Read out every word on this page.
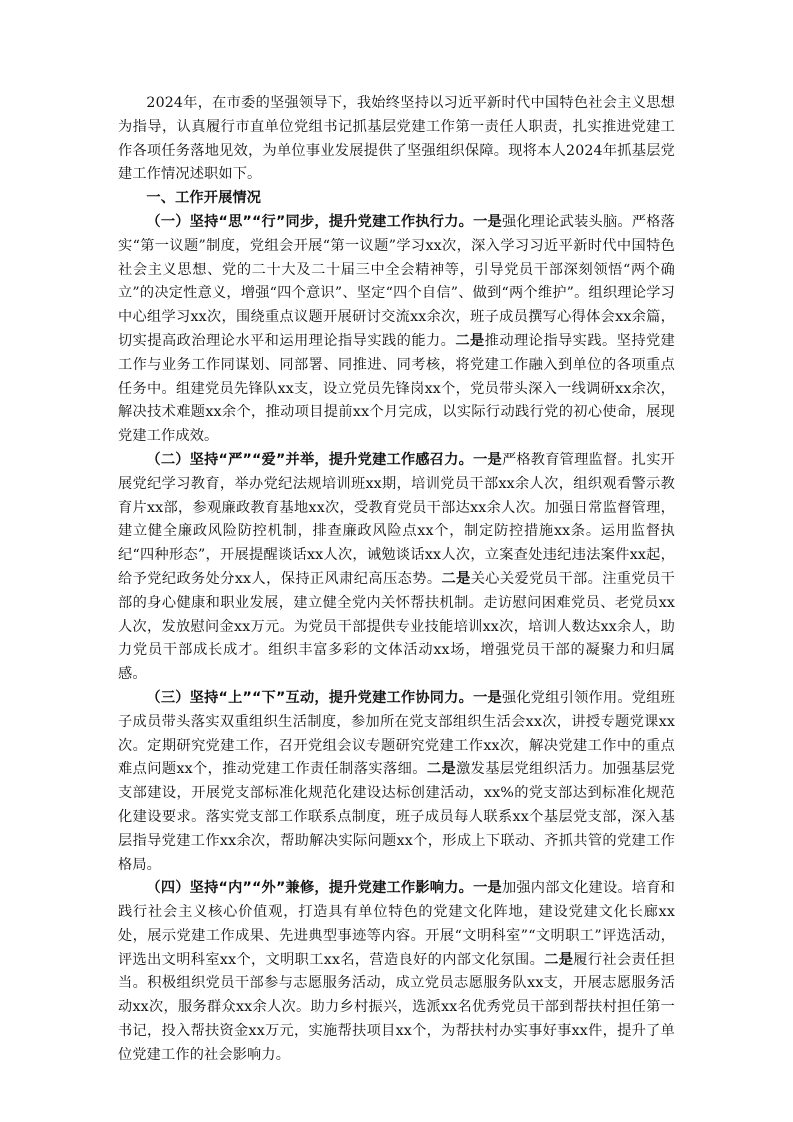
2024年，在市委的坚强领导下，我始终坚持以习近平新时代中国特色社会主义思想为指导，认真履行市直单位党组书记抓基层党建工作第一责任人职责，扎实推进党建工作各项任务落地见效，为单位事业发展提供了坚强组织保障。现将本人2024年抓基层党建工作情况述职如下。

一、工作开展情况

（一）坚持“思”“行”同步，提升党建工作执行力。一是强化理论武装头脑。严格落实“第一议题”制度，党组会开展“第一议题”学习xx次，深入学习习近平新时代中国特色社会主义思想、党的二十大及二十届三中全会精神等，引导党员干部深刻领悟“两个确立”的决定性意义，增强“四个意识”、坚定“四个自信”、做到“两个维护”。组织理论学习中心组学习xx次，围绕重点议题开展研讨交流xx余次，班子成员撰写心得体会xx余篇，切实提高政治理论水平和运用理论指导实践的能力。二是推动理论指导实践。坚持党建工作与业务工作同谋划、同部署、同推进、同考核，将党建工作融入到单位的各项重点任务中。组建党员先锋队xx支，设立党员先锋岗xx个，党员带头深入一线调研xx余次，解决技术难题xx余个，推动项目提前xx个月完成，以实际行动践行党的初心使命，展现党建工作成效。

（二）坚持“严”“爱”并举，提升党建工作感召力。一是严格教育管理监督。扎实开展党纪学习教育，举办党纪法规培训班xx期，培训党员干部xx余人次，组织观看警示教育片xx部，参观廉政教育基地xx次，受教育党员干部达xx余人次。加强日常监督管理，建立健全廉政风险防控机制，排查廉政风险点xx个，制定防控措施xx条。运用监督执纪“四种形态”，开展提醒谈话xx人次，诫勉谈话xx人次，立案查处违纪违法案件xx起，给予党纪政务处分xx人，保持正风肃纪高压态势。二是关心关爱党员干部。注重党员干部的身心健康和职业发展，建立健全党内关怀帮扶机制。走访慰问困难党员、老党员xx人次，发放慰问金xx万元。为党员干部提供专业技能培训xx次，培训人数达xx余人，助力党员干部成长成才。组织丰富多彩的文体活动xx场，增强党员干部的凝聚力和归属感。

（三）坚持“上”“下”互动，提升党建工作协同力。一是强化党组引领作用。党组班子成员带头落实双重组织生活制度，参加所在党支部组织生活会xx次，讲授专题党课xx次。定期研究党建工作，召开党组会议专题研究党建工作xx次，解决党建工作中的重点难点问题xx个，推动党建工作责任制落实落细。二是激发基层党组织活力。加强基层党支部建设，开展党支部标准化规范化建设达标创建活动，xx%的党支部达到标准化规范化建设要求。落实党支部工作联系点制度，班子成员每人联系xx个基层党支部，深入基层指导党建工作xx余次，帮助解决实际问题xx个，形成上下联动、齐抓共管的党建工作格局。

（四）坚持“内”“外”兼修，提升党建工作影响力。一是加强内部文化建设。培育和践行社会主义核心价值观，打造具有单位特色的党建文化阵地，建设党建文化长廊xx处，展示党建工作成果、先进典型事迹等内容。开展“文明科室”“文明职工”评选活动，评选出文明科室xx个，文明职工xx名，营造良好的内部文化氛围。二是履行社会责任担当。积极组织党员干部参与志愿服务活动，成立党员志愿服务队xx支，开展志愿服务活动xx次，服务群众xx余人次。助力乡村振兴，选派xx名优秀党员干部到帮扶村担任第一书记，投入帮扶资金xx万元，实施帮扶项目xx个，为帮扶村办实事好事xx件，提升了单位党建工作的社会影响力。
